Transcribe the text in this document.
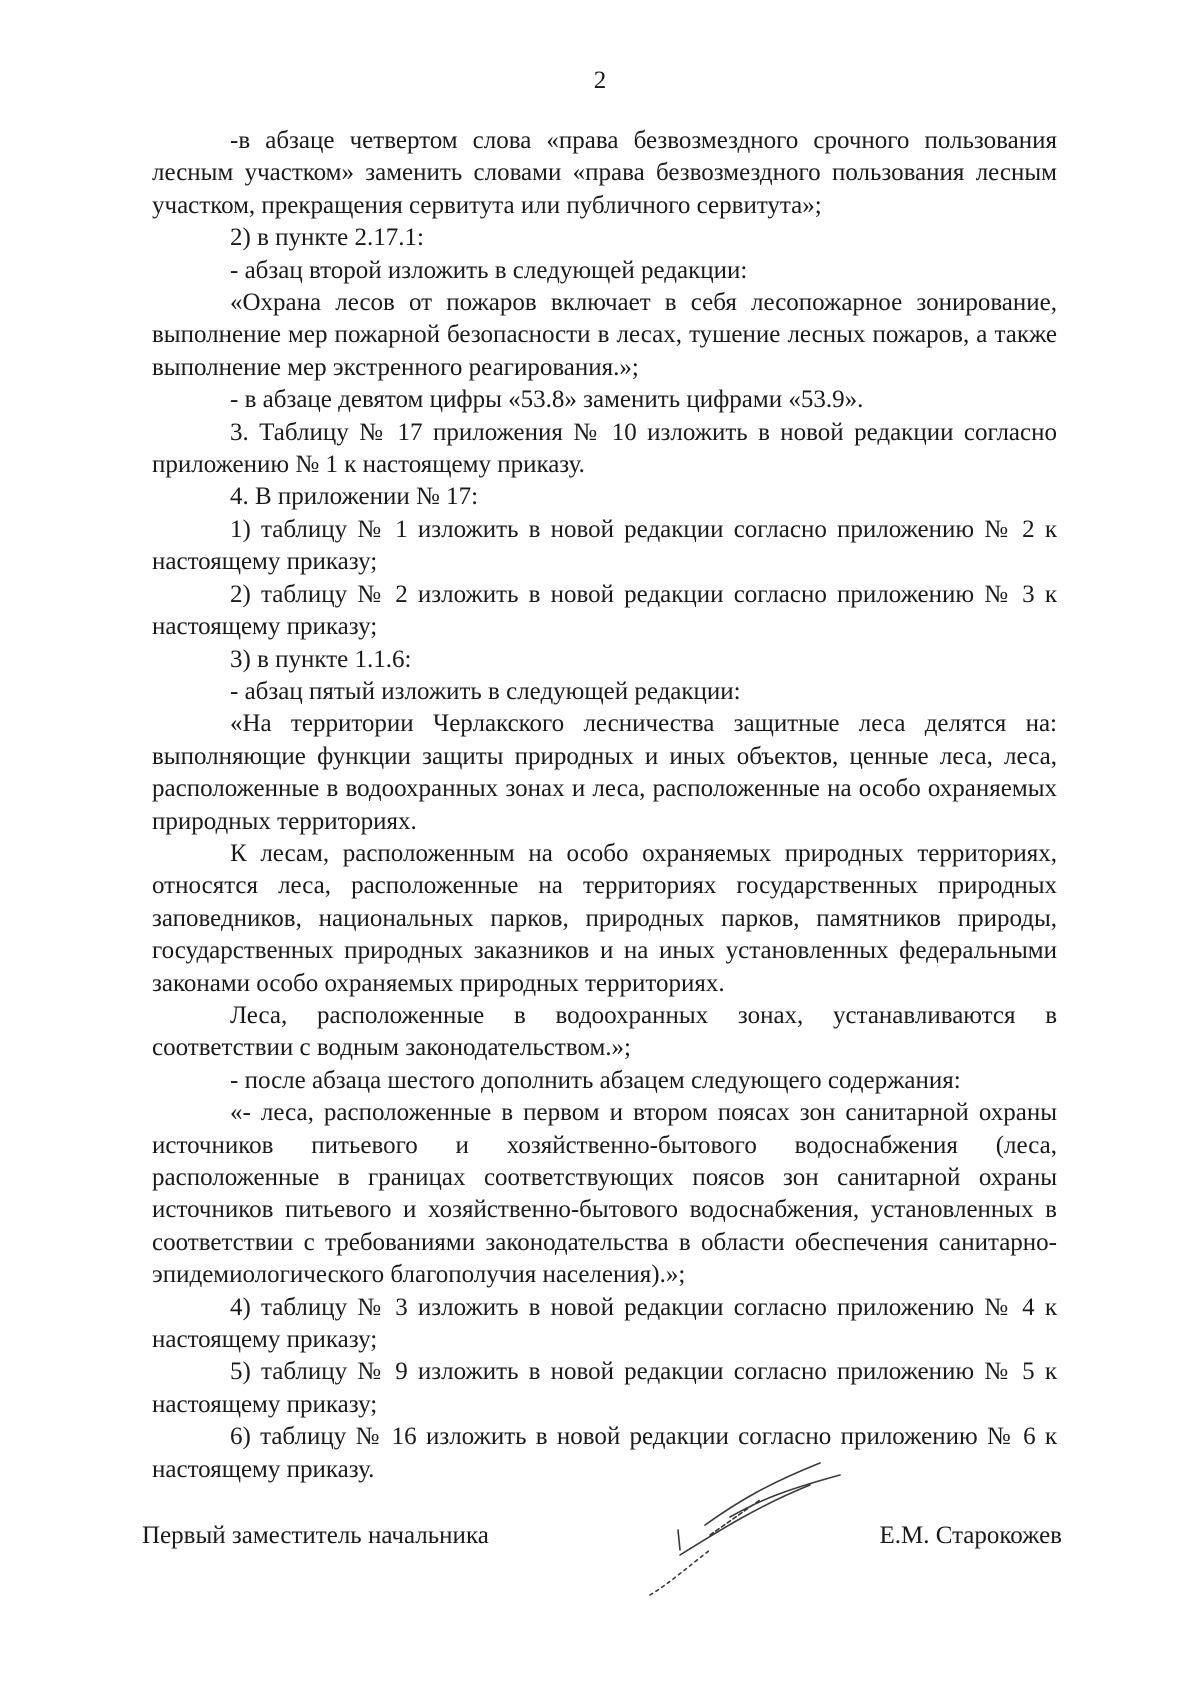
2

-в абзаце четвертом слова «права безвозмездного срочного пользования лесным участком» заменить словами «права безвозмездного пользования лесным участком, прекращения сервитута или публичного сервитута»;

2) в пункте 2.17.1:

- абзац второй изложить в следующей редакции:

«Охрана лесов от пожаров включает в себя лесопожарное зонирование, выполнение мер пожарной безопасности в лесах, тушение лесных пожаров, а также выполнение мер экстренного реагирования.»;

- в абзаце девятом цифры «53.8» заменить цифрами «53.9».

3. Таблицу № 17 приложения № 10 изложить в новой редакции согласно приложению № 1 к настоящему приказу.

4. В приложении № 17:

1) таблицу № 1 изложить в новой редакции согласно приложению № 2 к настоящему приказу;

2) таблицу № 2 изложить в новой редакции согласно приложению № 3 к настоящему приказу;

3) в пункте 1.1.6:

- абзац пятый изложить в следующей редакции:

«На территории Черлакского лесничества защитные леса делятся на: выполняющие функции защиты природных и иных объектов, ценные леса, леса, расположенные в водоохранных зонах и леса, расположенные на особо охраняемых природных территориях.

К лесам, расположенным на особо охраняемых природных территориях, относятся леса, расположенные на территориях государственных природных заповедников, национальных парков, природных парков, памятников природы, государственных природных заказников и на иных установленных федеральными законами особо охраняемых природных территориях.

Леса, расположенные в водоохранных зонах, устанавливаются в соответствии с водным законодательством.»;

- после абзаца шестого дополнить абзацем следующего содержания:

«- леса, расположенные в первом и втором поясах зон санитарной охраны источников питьевого и хозяйственно-бытового водоснабжения (леса, расположенные в границах соответствующих поясов зон санитарной охраны источников питьевого и хозяйственно-бытового водоснабжения, установленных в соответствии с требованиями законодательства в области обеспечения санитарно-эпидемиологического благополучия населения).»;

4) таблицу № 3 изложить в новой редакции согласно приложению № 4 к настоящему приказу;

5) таблицу № 9 изложить в новой редакции согласно приложению № 5 к настоящему приказу;

6) таблицу № 16 изложить в новой редакции согласно приложению № 6 к настоящему приказу.

Первый заместитель начальника	Е.М. Старокожев
